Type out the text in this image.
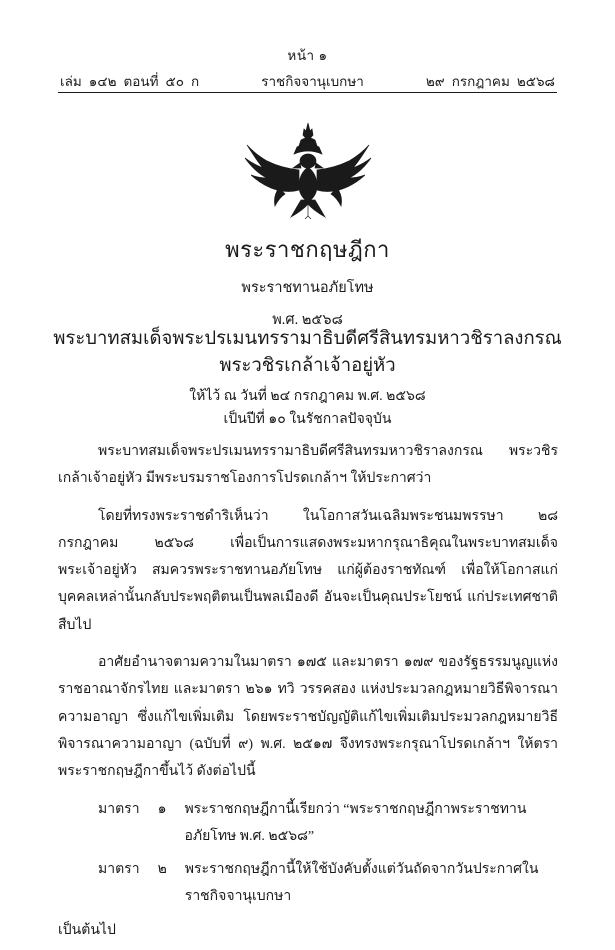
หน้า ๑
เล่ม ๑๔๒ ตอนที่ ๕๐ ก	ราชกิจจานุเบกษา	๒๙ กรกฎาคม ๒๕๖๘
พระราชกฤษฎีกา
พระราชทานอภัยโทษ
พ.ศ. ๒๕๖๘
พระบาทสมเด็จพระปรเมนทรรามาธิบดีศรีสินทรมหาวชิราลงกรณ
พระวชิรเกล้าเจ้าอยู่หัว
ให้ไว้ ณ วันที่ ๒๔ กรกฎาคม พ.ศ. ๒๕๖๘
เป็นปีที่ ๑๐ ในรัชกาลปัจจุบัน

พระบาทสมเด็จพระปรเมนทรรามาธิบดีศรีสินทรมหาวชิราลงกรณ พระวชิรเกล้าเจ้าอยู่หัว มีพระบรมราชโองการโปรดเกล้าฯ ให้ประกาศว่า

โดยที่ทรงพระราชดำริเห็นว่า ในโอกาสวันเฉลิมพระชนมพรรษา ๒๘ กรกฎาคม ๒๕๖๘ เพื่อเป็นการแสดงพระมหากรุณาธิคุณในพระบาทสมเด็จพระเจ้าอยู่หัว สมควรพระราชทานอภัยโทษ แก่ผู้ต้องราชทัณฑ์ เพื่อให้โอกาสแก่บุคคลเหล่านั้นกลับประพฤติตนเป็นพลเมืองดี อันจะเป็นคุณประโยชน์ แก่ประเทศชาติสืบไป

อาศัยอำนาจตามความในมาตรา ๑๗๕ และมาตรา ๑๗๙ ของรัฐธรรมนูญแห่งราชอาณาจักรไทย และมาตรา ๒๖๑ ทวิ วรรคสอง แห่งประมวลกฎหมายวิธีพิจารณาความอาญา ซึ่งแก้ไขเพิ่มเติม โดยพระราชบัญญัติแก้ไขเพิ่มเติมประมวลกฎหมายวิธีพิจารณาความอาญา (ฉบับที่ ๙) พ.ศ. ๒๕๑๗ จึงทรงพระกรุณาโปรดเกล้าฯ ให้ตราพระราชกฤษฎีกาขึ้นไว้ ดังต่อไปนี้

มาตรา	๑	พระราชกฤษฎีกานี้เรียกว่า “พระราชกฤษฎีกาพระราชทานอภัยโทษ พ.ศ. ๒๕๖๘”
มาตรา	๒	พระราชกฤษฎีกานี้ให้ใช้บังคับตั้งแต่วันถัดจากวันประกาศในราชกิจจานุเบกษา
เป็นต้นไป
